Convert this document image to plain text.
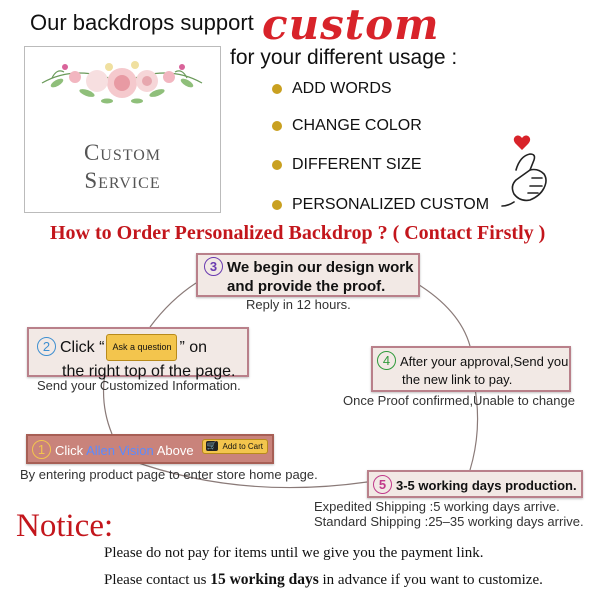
Our backdrops support custom
for your different usage :
Custom
Service
ADD WORDS
CHANGE COLOR
DIFFERENT SIZE
PERSONALIZED CUSTOM
How to Order Personalized Backdrop ? ( Contact Firstly )
3 We begin our design work
and provide the proof.
Reply in 12 hours.
2 Click “ Ask a question ” on
the right top of the page.
Send your Customized Information.
4 After your approval,Send you
the new link to pay.
Once Proof confirmed,Unable to change
1 Click Allen Vision Above 🛒 Add to Cart
By entering product page to enter store home page.
5 3-5 working days production.
Expedited Shipping :5 working days arrive.
Standard Shipping :25–35 working days arrive.
Notice:
Please do not pay for items until we give you the payment link.
Please contact us 15 working days in advance if you want to customize.
